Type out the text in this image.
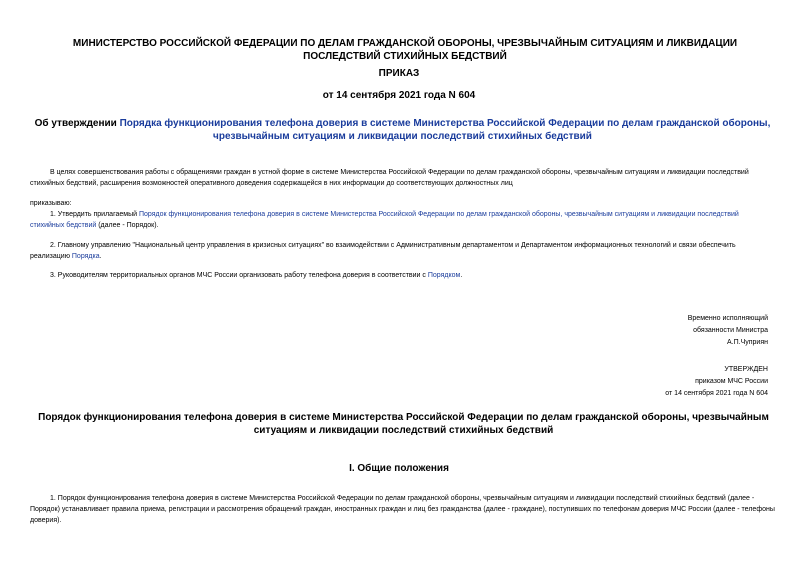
МИНИСТЕРСТВО РОССИЙСКОЙ ФЕДЕРАЦИИ ПО ДЕЛАМ ГРАЖДАНСКОЙ ОБОРОНЫ, ЧРЕЗВЫЧАЙНЫМ СИТУАЦИЯМ И ЛИКВИДАЦИИ ПОСЛЕДСТВИЙ СТИХИЙНЫХ БЕДСТВИЙ
ПРИКАЗ
от 14 сентября 2021 года N 604
Об утверждении Порядка функционирования телефона доверия в системе Министерства Российской Федерации по делам гражданской обороны, чрезвычайным ситуациям и ликвидации последствий стихийных бедствий
В целях совершенствования работы с обращениями граждан в устной форме в системе Министерства Российской Федерации по делам гражданской обороны, чрезвычайным ситуациям и ликвидации последствий стихийных бедствий, расширения возможностей оперативного доведения содержащейся в них информации до соответствующих должностных лиц
приказываю:
1. Утвердить прилагаемый Порядок функционирования телефона доверия в системе Министерства Российской Федерации по делам гражданской обороны, чрезвычайным ситуациям и ликвидации последствий стихийных бедствий (далее - Порядок).
2. Главному управлению "Национальный центр управления в кризисных ситуациях" во взаимодействии с Административным департаментом и Департаментом информационных технологий и связи обеспечить реализацию Порядка.
3. Руководителям территориальных органов МЧС России организовать работу телефона доверия в соответствии с Порядком.
Временно исполняющий
обязанности Министра
А.П.Чуприян
УТВЕРЖДЕН
приказом МЧС России
от 14 сентября 2021 года N 604
Порядок функционирования телефона доверия в системе Министерства Российской Федерации по делам гражданской обороны, чрезвычайным ситуациям и ликвидации последствий стихийных бедствий
I. Общие положения
1. Порядок функционирования телефона доверия в системе Министерства Российской Федерации по делам гражданской обороны, чрезвычайным ситуациям и ликвидации последствий стихийных бедствий (далее - Порядок) устанавливает правила приема, регистрации и рассмотрения обращений граждан, иностранных граждан и лиц без гражданства (далее - граждане), поступивших по телефонам доверия МЧС России (далее - телефоны доверия).
